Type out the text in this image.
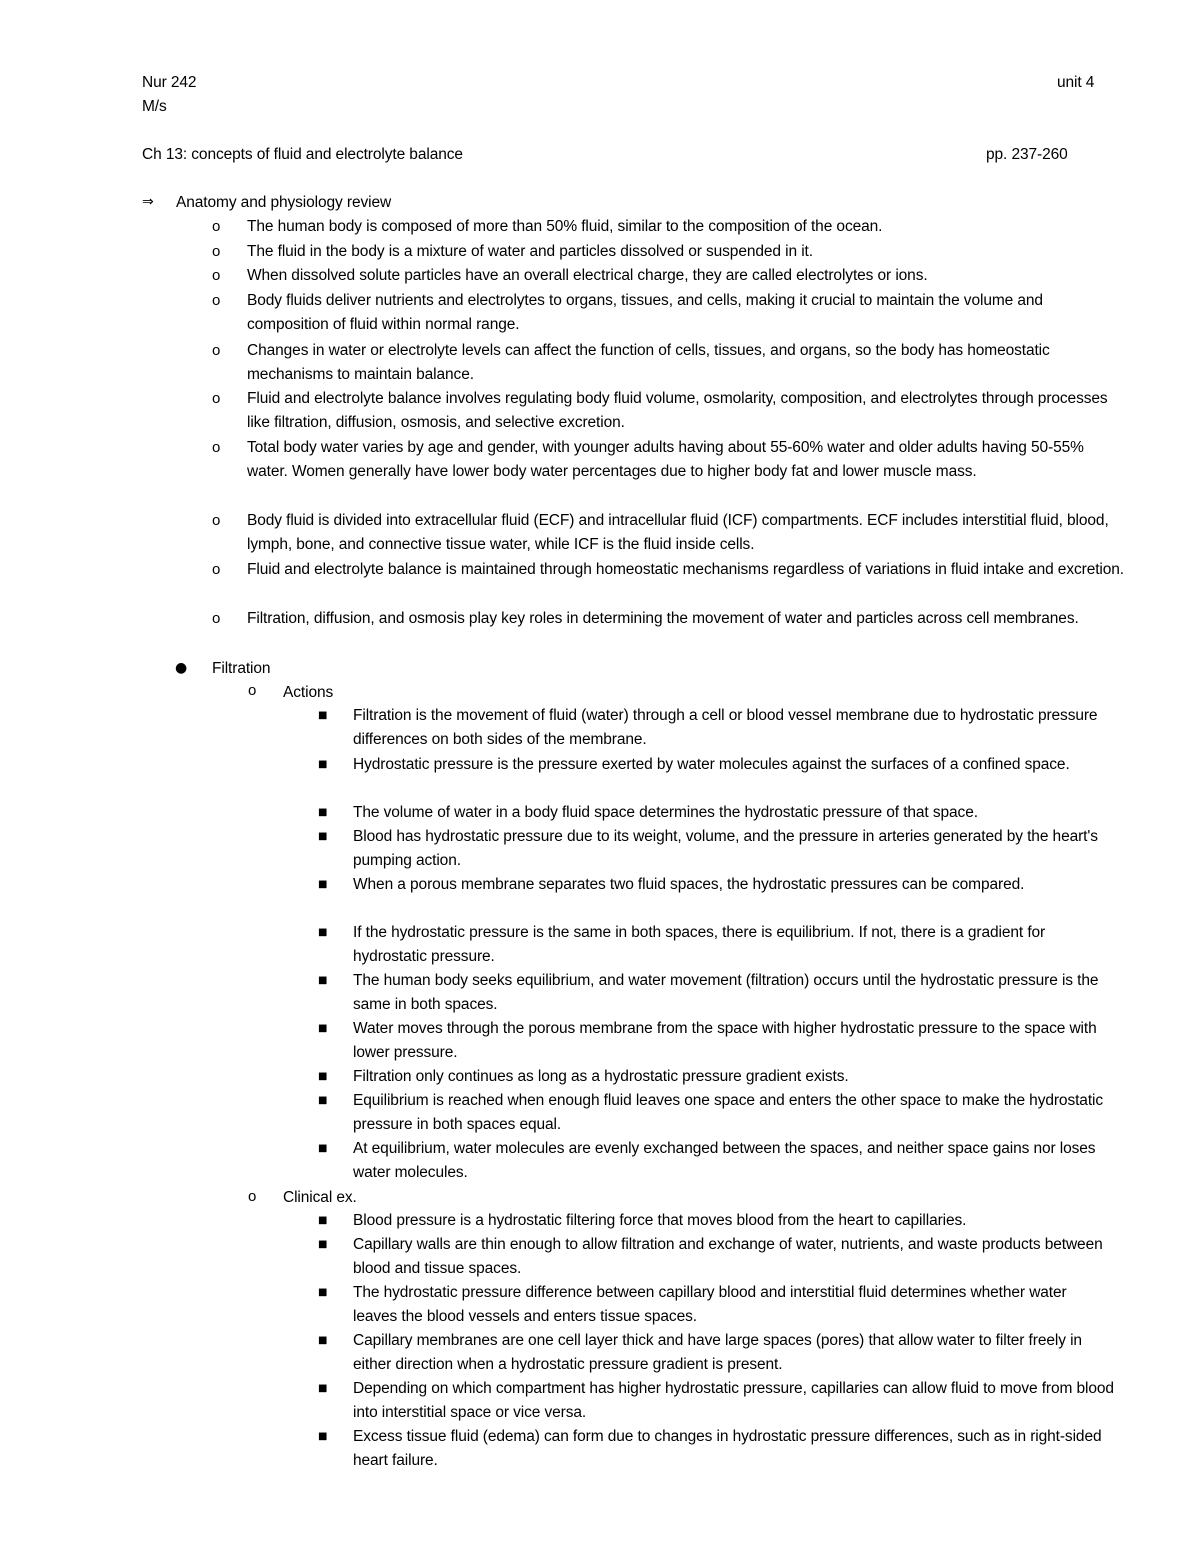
Nur 242	unit 4
M/s
Ch 13: concepts of fluid and electrolyte balance	pp. 237-260
⇒ Anatomy and physiology review
o The human body is composed of more than 50% fluid, similar to the composition of the ocean.
o The fluid in the body is a mixture of water and particles dissolved or suspended in it.
o When dissolved solute particles have an overall electrical charge, they are called electrolytes or ions.
o Body fluids deliver nutrients and electrolytes to organs, tissues, and cells, making it crucial to maintain the volume and composition of fluid within normal range.
o Changes in water or electrolyte levels can affect the function of cells, tissues, and organs, so the body has homeostatic mechanisms to maintain balance.
o Fluid and electrolyte balance involves regulating body fluid volume, osmolarity, composition, and electrolytes through processes like filtration, diffusion, osmosis, and selective excretion.
o Total body water varies by age and gender, with younger adults having about 55-60% water and older adults having 50-55% water. Women generally have lower body water percentages due to higher body fat and lower muscle mass.
o Body fluid is divided into extracellular fluid (ECF) and intracellular fluid (ICF) compartments. ECF includes interstitial fluid, blood, lymph, bone, and connective tissue water, while ICF is the fluid inside cells.
o Fluid and electrolyte balance is maintained through homeostatic mechanisms regardless of variations in fluid intake and excretion.
o Filtration, diffusion, and osmosis play key roles in determining the movement of water and particles across cell membranes.
● Filtration
o Actions
■ Filtration is the movement of fluid (water) through a cell or blood vessel membrane due to hydrostatic pressure differences on both sides of the membrane.
■ Hydrostatic pressure is the pressure exerted by water molecules against the surfaces of a confined space.
■ The volume of water in a body fluid space determines the hydrostatic pressure of that space.
■ Blood has hydrostatic pressure due to its weight, volume, and the pressure in arteries generated by the heart's pumping action.
■ When a porous membrane separates two fluid spaces, the hydrostatic pressures can be compared.
■ If the hydrostatic pressure is the same in both spaces, there is equilibrium. If not, there is a gradient for hydrostatic pressure.
■ The human body seeks equilibrium, and water movement (filtration) occurs until the hydrostatic pressure is the same in both spaces.
■ Water moves through the porous membrane from the space with higher hydrostatic pressure to the space with lower pressure.
■ Filtration only continues as long as a hydrostatic pressure gradient exists.
■ Equilibrium is reached when enough fluid leaves one space and enters the other space to make the hydrostatic pressure in both spaces equal.
■ At equilibrium, water molecules are evenly exchanged between the spaces, and neither space gains nor loses water molecules.
o Clinical ex.
■ Blood pressure is a hydrostatic filtering force that moves blood from the heart to capillaries.
■ Capillary walls are thin enough to allow filtration and exchange of water, nutrients, and waste products between blood and tissue spaces.
■ The hydrostatic pressure difference between capillary blood and interstitial fluid determines whether water leaves the blood vessels and enters tissue spaces.
■ Capillary membranes are one cell layer thick and have large spaces (pores) that allow water to filter freely in either direction when a hydrostatic pressure gradient is present.
■ Depending on which compartment has higher hydrostatic pressure, capillaries can allow fluid to move from blood into interstitial space or vice versa.
■ Excess tissue fluid (edema) can form due to changes in hydrostatic pressure differences, such as in right-sided heart failure.
